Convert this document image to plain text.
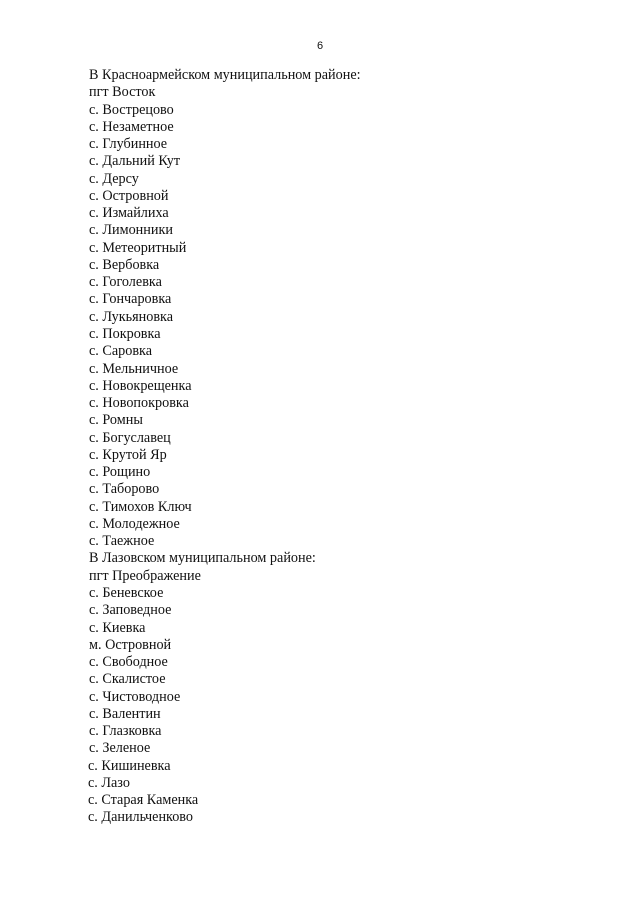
6
В Красноармейском муниципальном районе:
пгт Восток
с. Вострецово
с. Незаметное
с. Глубинное
с. Дальний Кут
с. Дерсу
с. Островной
с. Измайлиха
с. Лимонники
с. Метеоритный
с. Вербовка
с. Гоголевка
с. Гончаровка
с. Лукьяновка
с. Покровка
с. Саровка
с. Мельничное
с. Новокрещенка
с. Новопокровка
с. Ромны
с. Богуславец
с. Крутой Яр
с. Рощино
с. Таборово
с. Тимохов Ключ
с. Молодежное
с. Таежное
В Лазовском муниципальном районе:
пгт Преображение
с. Беневское
с. Заповедное
с. Киевка
м. Островной
с. Свободное
с. Скалистое
с. Чистоводное
с. Валентин
с. Глазковка
с. Зеленое
с. Кишиневка
с. Лазо
с. Старая Каменка
с. Данильченково
